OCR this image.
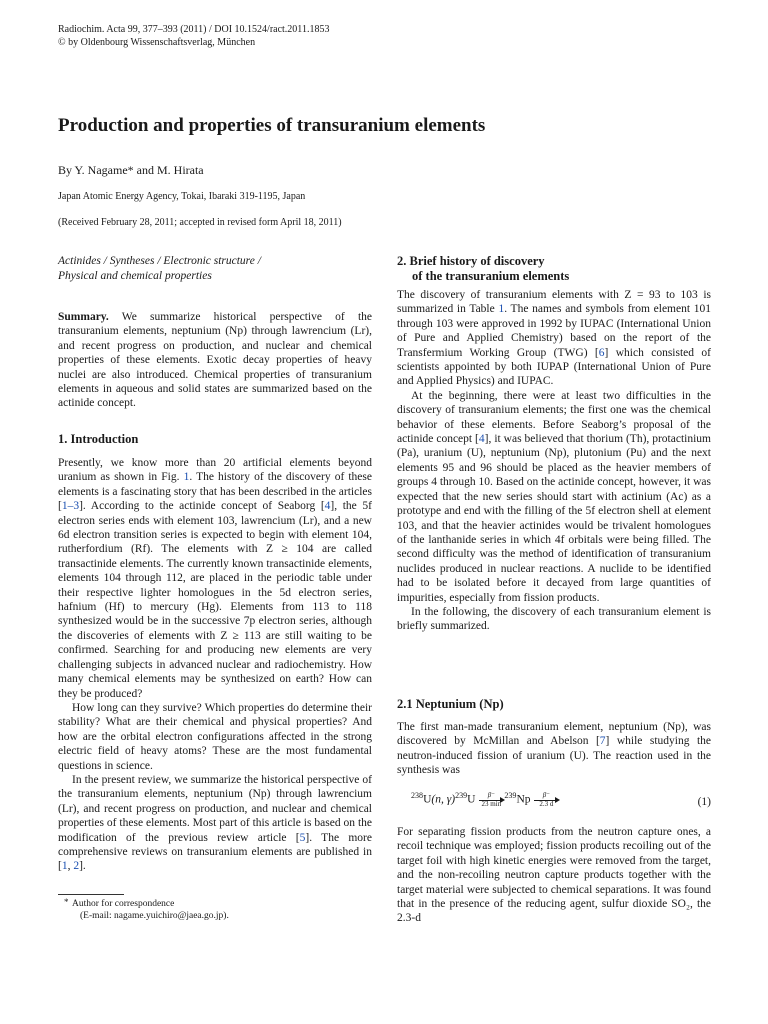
Radiochim. Acta 99, 377–393 (2011) / DOI 10.1524/ract.2011.1853
© by Oldenbourg Wissenschaftsverlag, München
Production and properties of transuranium elements
By Y. Nagame* and M. Hirata
Japan Atomic Energy Agency, Tokai, Ibaraki 319-1195, Japan
(Received February 28, 2011; accepted in revised form April 18, 2011)
Actinides / Syntheses / Electronic structure /
Physical and chemical properties

Summary. We summarize historical perspective of the transuranium elements, neptunium (Np) through lawrencium (Lr), and recent progress on production, and nuclear and chemical properties of these elements. Exotic decay properties of heavy nuclei are also introduced. Chemical properties of transuranium elements in aqueous and solid states are summarized based on the actinide concept.

1. Introduction

Presently, we know more than 20 artificial elements beyond uranium as shown in Fig. 1. The history of the discovery of these elements is a fascinating story that has been described in the articles [1–3]. According to the actinide concept of Seaborg [4], the 5f electron series ends with element 103, lawrencium (Lr), and a new 6d electron transition series is expected to begin with element 104, rutherfordium (Rf). The elements with Z ≥ 104 are called transactinide elements. The currently known transactinide elements, elements 104 through 112, are placed in the periodic table under their respective lighter homologues in the 5d electron series, hafnium (Hf) to mercury (Hg). Elements from 113 to 118 synthesized would be in the successive 7p electron series, although the discoveries of elements with Z ≥ 113 are still waiting to be confirmed. Searching for and producing new elements are very challenging subjects in advanced nuclear and radiochemistry. How many chemical elements may be synthesized on earth? How can they be produced?

How long can they survive? Which properties do determine their stability? What are their chemical and physical properties? And how are the orbital electron configurations affected in the strong electric field of heavy atoms? These are the most fundamental questions in science.

In the present review, we summarize the historical perspective of the transuranium elements, neptunium (Np) through lawrencium (Lr), and recent progress on production, and nuclear and chemical properties of these elements. Most part of this article is based on the modification of the previous review article [5]. The more comprehensive reviews on transuranium elements are published in [1, 2].

* Author for correspondence
(E-mail: nagame.yuichiro@jaea.go.jp).
2. Brief history of discovery
of the transuranium elements

The discovery of transuranium elements with Z = 93 to 103 is summarized in Table 1. The names and symbols from element 101 through 103 were approved in 1992 by IUPAC (International Union of Pure and Applied Chemistry) based on the report of the Transfermium Working Group (TWG) [6] which consisted of scientists appointed by both IUPAP (International Union of Pure and Applied Physics) and IUPAC.

At the beginning, there were at least two difficulties in the discovery of transuranium elements; the first one was the chemical behavior of these elements. Before Seaborg’s proposal of the actinide concept [4], it was believed that thorium (Th), protactinium (Pa), uranium (U), neptunium (Np), plutonium (Pu) and the next elements 95 and 96 should be placed as the heavier members of groups 4 through 10. Based on the actinide concept, however, it was expected that the new series should start with actinium (Ac) as a prototype and end with the filling of the 5f electron shell at element 103, and that the heavier actinides would be trivalent homologues of the lanthanide series in which 4f orbitals were being filled. The second difficulty was the method of identification of transuranium nuclides produced in nuclear reactions. A nuclide to be identified had to be isolated before it decayed from large quantities of impurities, especially from fission products.

In the following, the discovery of each transuranium element is briefly summarized.

2.1 Neptunium (Np)

The first man-made transuranium element, neptunium (Np), was discovered by McMillan and Abelson [7] while studying the neutron-induced fission of uranium (U). The reaction used in the synthesis was

$^{238}$U(n, γ)$^{239}$U	β⁻
23 min
$^{239}Np \frac{\beta^-}{2.3 d}$	(1)

For separating fission products from the neutron capture ones, a recoil technique was employed; fission products recoiling out of the target foil with high kinetic energies were removed from the target, and the non-recoiling neutron capture products together with the target material were subjected to chemical separations. It was found that in the presence of the reducing agent, sulfur dioxide SO₂, the 2.3-d
